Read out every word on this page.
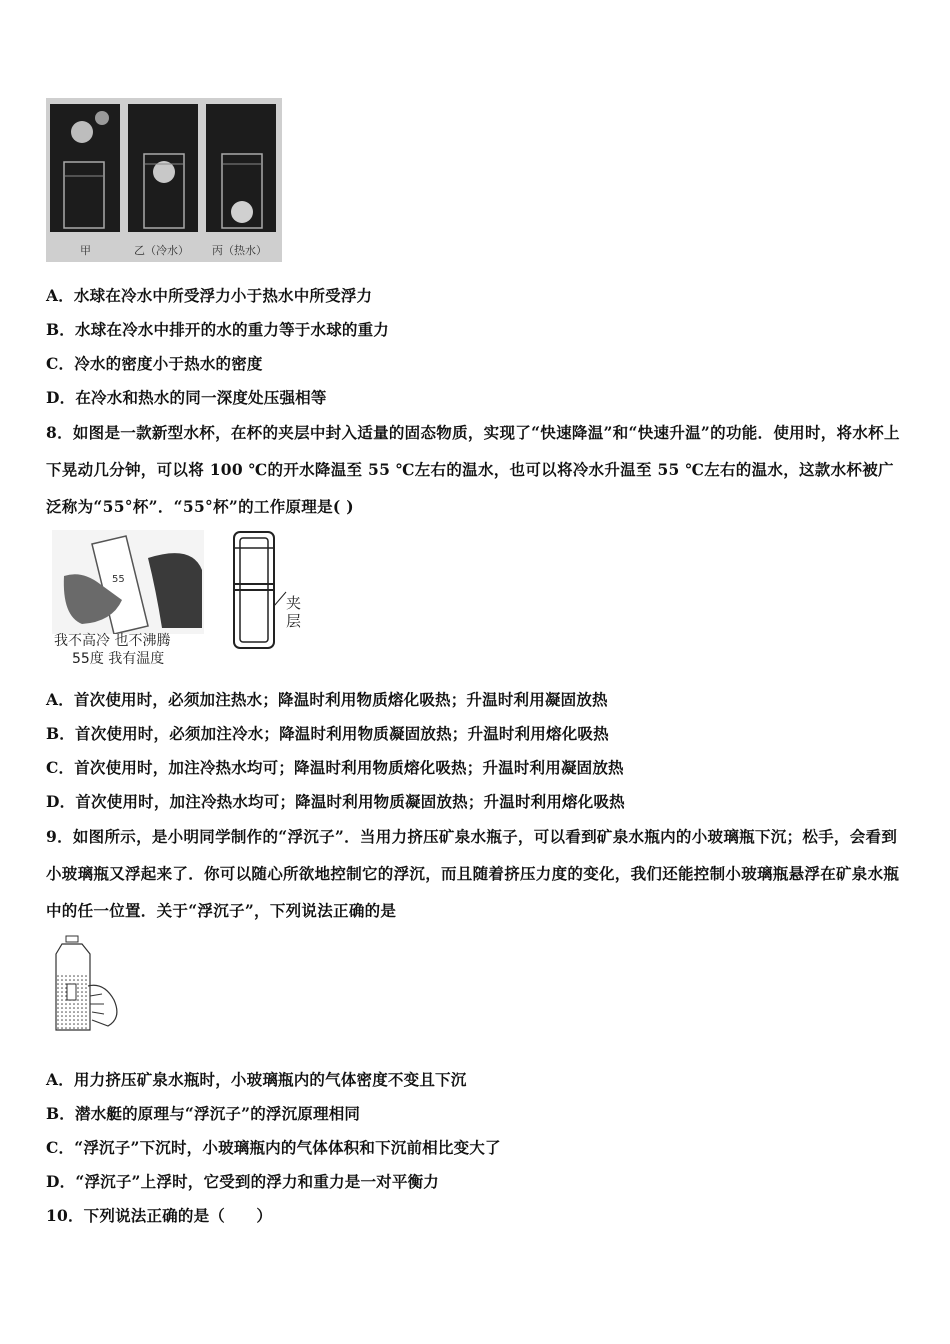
甲	乙（冷水） 丙（热水）
A．水球在冷水中所受浮力小于热水中所受浮力
B．水球在冷水中排开的水的重力等于水球的重力
C．冷水的密度小于热水的密度
D．在冷水和热水的同一深度处压强相等
8．如图是一款新型水杯，在杯的夹层中封入适量的固态物质，实现了“快速降温”和“快速升温”的功能．使用时，将水杯上下晃动几分钟，可以将 100 ℃的开水降温至 55 ℃左右的温水，也可以将冷水升温至 55 ℃左右的温水，这款水杯被广泛称为“55°杯”．“55°杯”的工作原理是( )
55
我不高冷 也不沸腾
55度 我有温度
夹
层
A．首次使用时，必须加注热水；降温时利用物质熔化吸热；升温时利用凝固放热
B．首次使用时，必须加注冷水；降温时利用物质凝固放热；升温时利用熔化吸热
C．首次使用时，加注冷热水均可；降温时利用物质熔化吸热；升温时利用凝固放热
D．首次使用时，加注冷热水均可；降温时利用物质凝固放热；升温时利用熔化吸热
9．如图所示，是小明同学制作的“浮沉子”．当用力挤压矿泉水瓶子，可以看到矿泉水瓶内的小玻璃瓶下沉；松手，会看到小玻璃瓶又浮起来了．你可以随心所欲地控制它的浮沉，而且随着挤压力度的变化，我们还能控制小玻璃瓶悬浮在矿泉水瓶中的任一位置．关于“浮沉子”，下列说法正确的是
A．用力挤压矿泉水瓶时，小玻璃瓶内的气体密度不变且下沉
B．潜水艇的原理与“浮沉子”的浮沉原理相同
C．“浮沉子”下沉时，小玻璃瓶内的气体体积和下沉前相比变大了
D．“浮沉子”上浮时，它受到的浮力和重力是一对平衡力
10．下列说法正确的是（　　）
